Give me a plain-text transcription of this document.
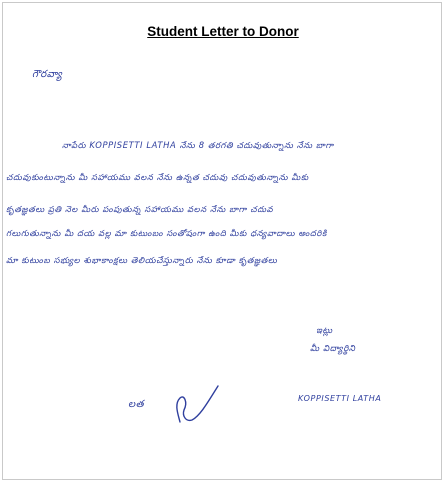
Student Letter to Donor
గౌరవ్యా
నాపేరు KOPPISETTI LATHA నేను 8 తరగతి చదువుతున్నాను నేను బాగా
చదువుకుంటున్నాను మీ సహాయము వలన నేను ఉన్నత చదువు చదువుతున్నాను మీకు
కృతజ్ఞతలు ప్రతి నెల మీరు పంపుతున్న సహాయము వలన నేను బాగా చదువ
గలుగుతున్నాను మీ దయ వల్ల మా కుటుంబం సంతోషంగా ఉంది మీకు ధన్యవాదాలు అందరికి
మా కుటుంబ సభ్యుల శుభాకాంక్షలు తెలియచేస్తున్నారు నేను కూడా కృతజ్ఞతలు
ఇట్లు
మీ విద్యార్థిని
లత
KOPPISETTI LATHA
